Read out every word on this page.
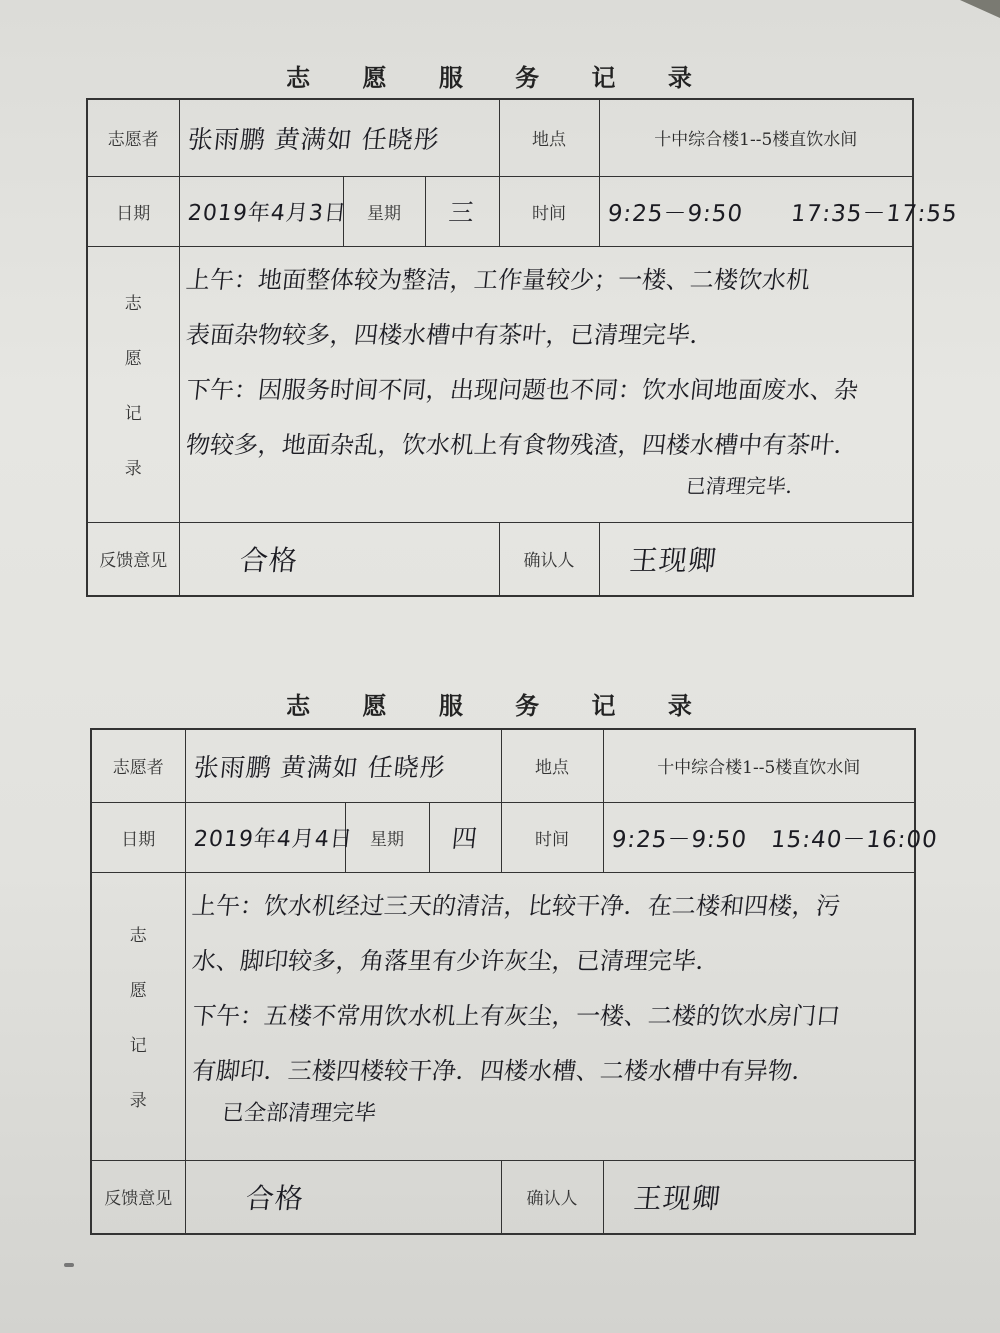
志 愿 服 务 记 录
志愿者	张雨鹏 黄满如 任晓彤			地点	十中综合楼1--5楼直饮水间
日期	2019年4月3日	星期	三	时间	9:25－9:50　　17:35－17:55

志
愿
记
录	上午：地面整体较为整洁，工作量较少；一楼、二楼饮水机
表面杂物较多，四楼水槽中有茶叶，已清理完毕．
下午：因服务时间不同，出现问题也不同：饮水间地面废水、杂
物较多，地面杂乱，饮水机上有食物残渣，四楼水槽中有茶叶．
已清理完毕．				

反馈意见	合格			确认人	王现卿
志 愿 服 务 记 录
志愿者	张雨鹏 黄满如 任晓彤			地点	十中综合楼1--5楼直饮水间
日期	2019年4月4日	星期	四	时间	9:25－9:50　15:40－16:00

志
愿
记
录	上午：饮水机经过三天的清洁，比较干净．在二楼和四楼，污
水、脚印较多，角落里有少许灰尘，已清理完毕．
下午：五楼不常用饮水机上有灰尘，一楼、二楼的饮水房门口
有脚印．三楼四楼较干净．四楼水槽、二楼水槽中有异物．
已全部清理完毕				

反馈意见	合格			确认人	王现卿
